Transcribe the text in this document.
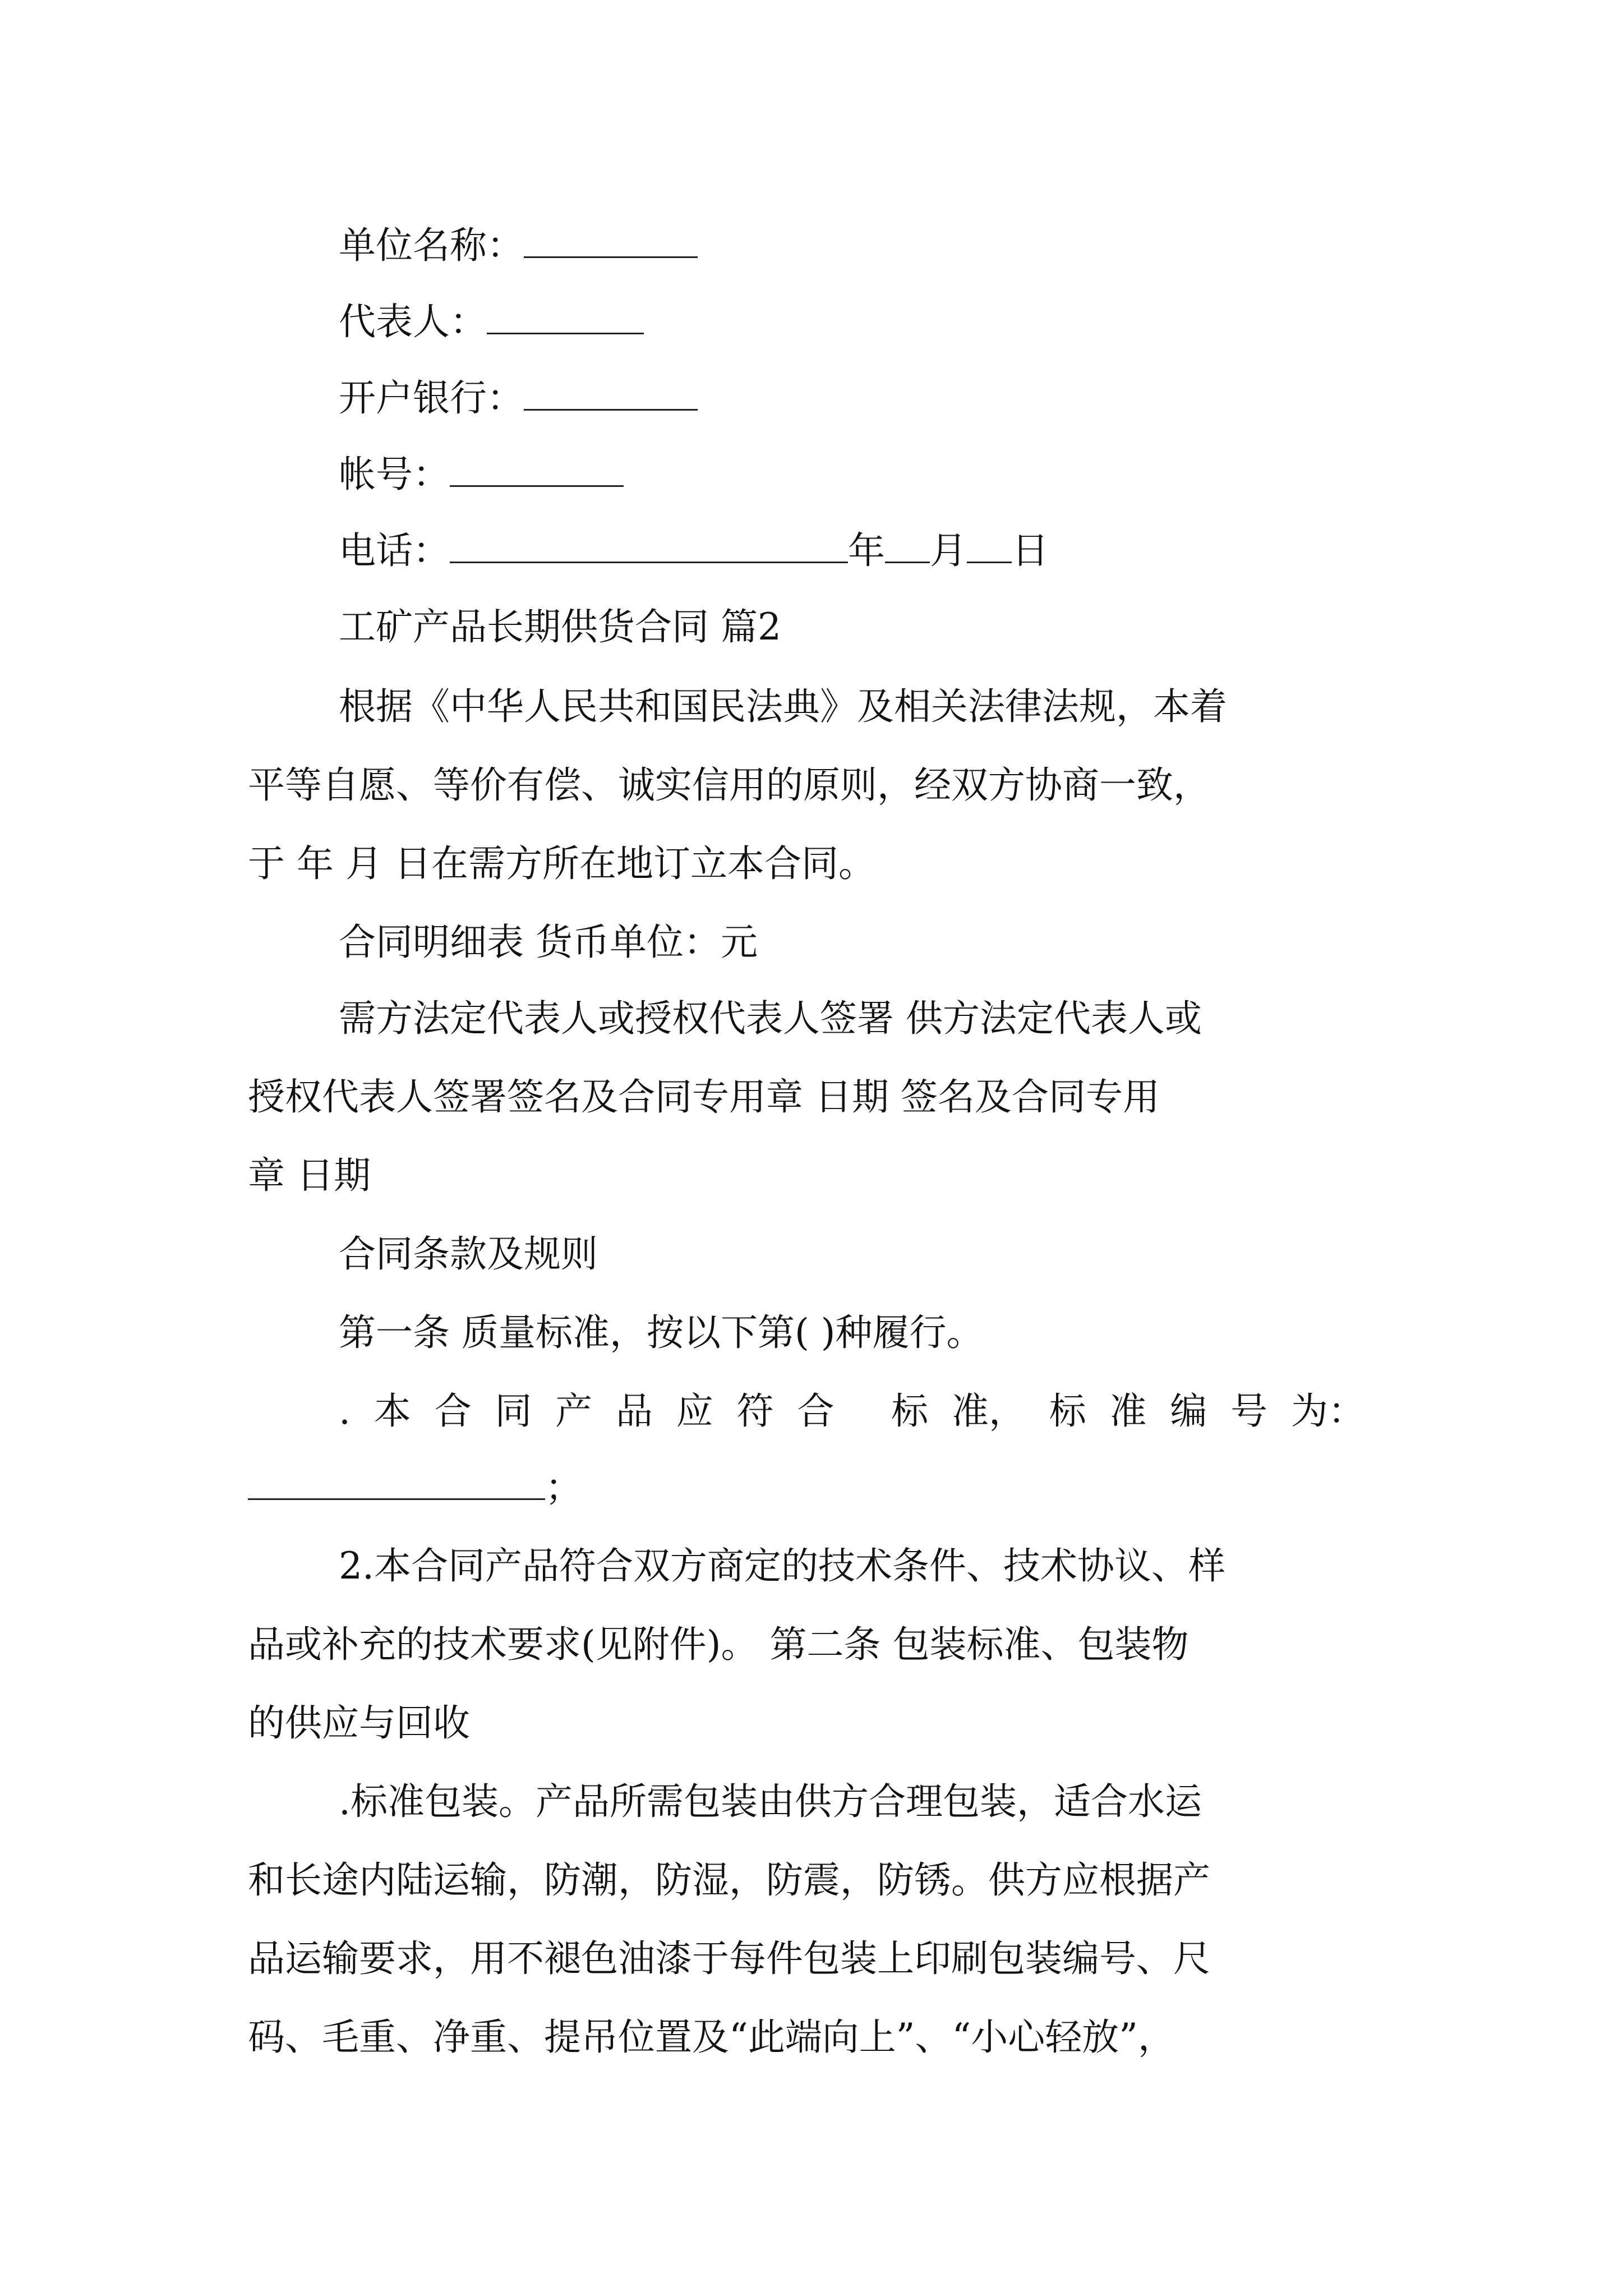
单位名称：

代表人：

开户银行：

帐号：

电话：	年 月 日

工矿产品长期供货合同 篇2

根据《中华人民共和国民法典》及相关法律法规，本着

平等自愿、等价有偿、诚实信用的原则，经双方协商一致，

于 年 月 日在需方所在地订立本合同。

合同明细表 货币单位：元

需方法定代表人或授权代表人签署 供方法定代表人或

授权代表人签署签名及合同专用章 日期 签名及合同专用

章 日期

合同条款及规则

第一条 质量标准，按以下第( )种履行。

. 本 合 同 产 品 应 符 合 标 准， 标 准 编 号 为：

；

2.本合同产品符合双方商定的技术条件、技术协议、样

品或补充的技术要求(见附件)。 第二条 包装标准、包装物

的供应与回收

.标准包装。产品所需包装由供方合理包装，适合水运

和长途内陆运输，防潮，防湿，防震，防锈。供方应根据产

品运输要求，用不褪色油漆于每件包装上印刷包装编号、尺

码、毛重、净重、提吊位置及“此端向上”、“小心轻放”，
